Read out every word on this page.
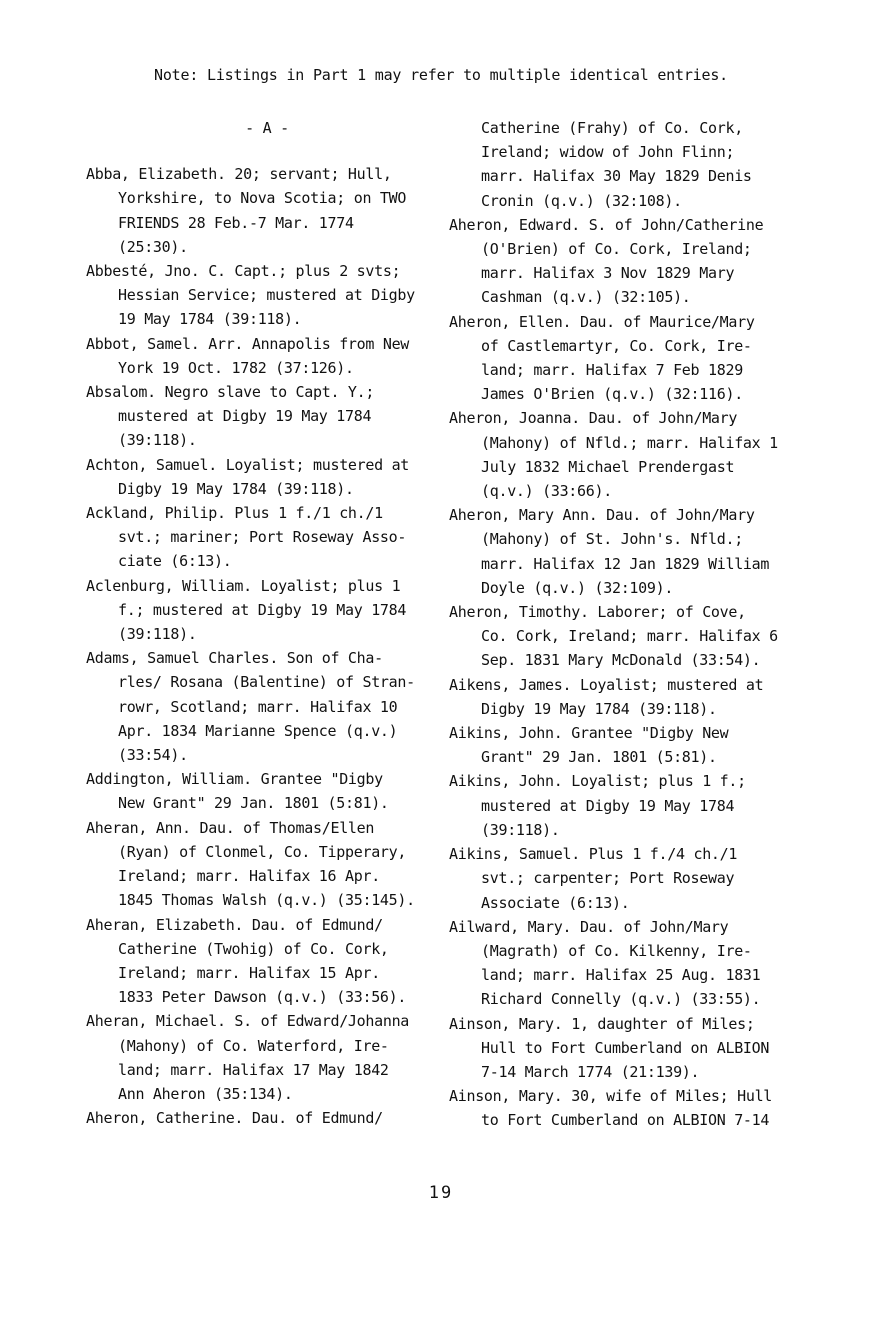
Note: Listings in Part 1 may refer to multiple identical entries.
- A -

Abba, Elizabeth. 20; servant; Hull,
Yorkshire, to Nova Scotia; on TWO
FRIENDS 28 Feb.-7 Mar. 1774
(25:30).

Abbesté, Jno. C. Capt.; plus 2 svts;
Hessian Service; mustered at Digby
19 May 1784 (39:118).

Abbot, Samel. Arr. Annapolis from New
York 19 Oct. 1782 (37:126).

Absalom. Negro slave to Capt. Y.;
mustered at Digby 19 May 1784
(39:118).

Achton, Samuel. Loyalist; mustered at
Digby 19 May 1784 (39:118).

Ackland, Philip. Plus 1 f./1 ch./1
svt.; mariner; Port Roseway Asso-
ciate (6:13).

Aclenburg, William. Loyalist; plus 1
f.; mustered at Digby 19 May 1784
(39:118).

Adams, Samuel Charles. Son of Cha-
rles/ Rosana (Balentine) of Stran-
rowr, Scotland; marr. Halifax 10
Apr. 1834 Marianne Spence (q.v.)
(33:54).

Addington, William. Grantee "Digby
New Grant" 29 Jan. 1801 (5:81).

Aheran, Ann. Dau. of Thomas/Ellen
(Ryan) of Clonmel, Co. Tipperary,
Ireland; marr. Halifax 16 Apr.
1845 Thomas Walsh (q.v.) (35:145).

Aheran, Elizabeth. Dau. of Edmund/
Catherine (Twohig) of Co. Cork,
Ireland; marr. Halifax 15 Apr.
1833 Peter Dawson (q.v.) (33:56).

Aheran, Michael. S. of Edward/Johanna
(Mahony) of Co. Waterford, Ire-
land; marr. Halifax 17 May 1842
Ann Aheron (35:134).

Aheron, Catherine. Dau. of Edmund/

Catherine (Frahy) of Co. Cork,
Ireland; widow of John Flinn;
marr. Halifax 30 May 1829 Denis
Cronin (q.v.) (32:108).

Aheron, Edward. S. of John/Catherine
(O'Brien) of Co. Cork, Ireland;
marr. Halifax 3 Nov 1829 Mary
Cashman (q.v.) (32:105).

Aheron, Ellen. Dau. of Maurice/Mary
of Castlemartyr, Co. Cork, Ire-
land; marr. Halifax 7 Feb 1829
James O'Brien (q.v.) (32:116).

Aheron, Joanna. Dau. of John/Mary
(Mahony) of Nfld.; marr. Halifax 1
July 1832 Michael Prendergast
(q.v.) (33:66).

Aheron, Mary Ann. Dau. of John/Mary
(Mahony) of St. John's. Nfld.;
marr. Halifax 12 Jan 1829 William
Doyle (q.v.) (32:109).

Aheron, Timothy. Laborer; of Cove,
Co. Cork, Ireland; marr. Halifax 6
Sep. 1831 Mary McDonald (33:54).

Aikens, James. Loyalist; mustered at
Digby 19 May 1784 (39:118).

Aikins, John. Grantee "Digby New
Grant" 29 Jan. 1801 (5:81).

Aikins, John. Loyalist; plus 1 f.;
mustered at Digby 19 May 1784
(39:118).

Aikins, Samuel. Plus 1 f./4 ch./1
svt.; carpenter; Port Roseway
Associate (6:13).

Ailward, Mary. Dau. of John/Mary
(Magrath) of Co. Kilkenny, Ire-
land; marr. Halifax 25 Aug. 1831
Richard Connelly (q.v.) (33:55).

Ainson, Mary. 1, daughter of Miles;
Hull to Fort Cumberland on ALBION
7-14 March 1774 (21:139).

Ainson, Mary. 30, wife of Miles; Hull
to Fort Cumberland on ALBION 7-14

19
